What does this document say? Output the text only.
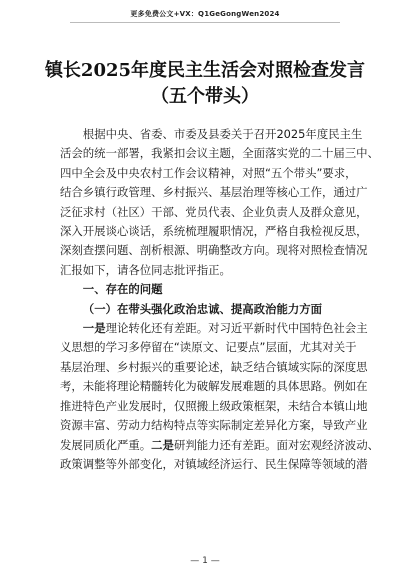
更多免费公文+VX：Q1GeGongWen2024
镇长2025年度民主生活会对照检查发言
（五个带头）
根据中央、省委、市委及县委关于召开2025年度民主生
活会的统一部署，我紧扣会议主题，全面落实党的二十届三中、
四中全会及中央农村工作会议精神，对照“五个带头”要求，
结合乡镇行政管理、乡村振兴、基层治理等核心工作，通过广
泛征求村（社区）干部、党员代表、企业负责人及群众意见，
深入开展谈心谈话，系统梳理履职情况，严格自我检视反思，
深刻查摆问题、剖析根源、明确整改方向。现将对照检查情况
汇报如下，请各位同志批评指正。
一、存在的问题
（一）在带头强化政治忠诚、提高政治能力方面
一是理论转化还有差距。对习近平新时代中国特色社会主
义思想的学习多停留在“读原文、记要点”层面，尤其对关于
基层治理、乡村振兴的重要论述，缺乏结合镇域实际的深度思
考，未能将理论精髓转化为破解发展难题的具体思路。例如在
推进特色产业发展时，仅照搬上级政策框架，未结合本镇山地
资源丰富、劳动力结构特点等实际制定差异化方案，导致产业
发展同质化严重。二是研判能力还有差距。面对宏观经济波动、
政策调整等外部变化，对镇域经济运行、民生保障等领域的潜
— 1 —
